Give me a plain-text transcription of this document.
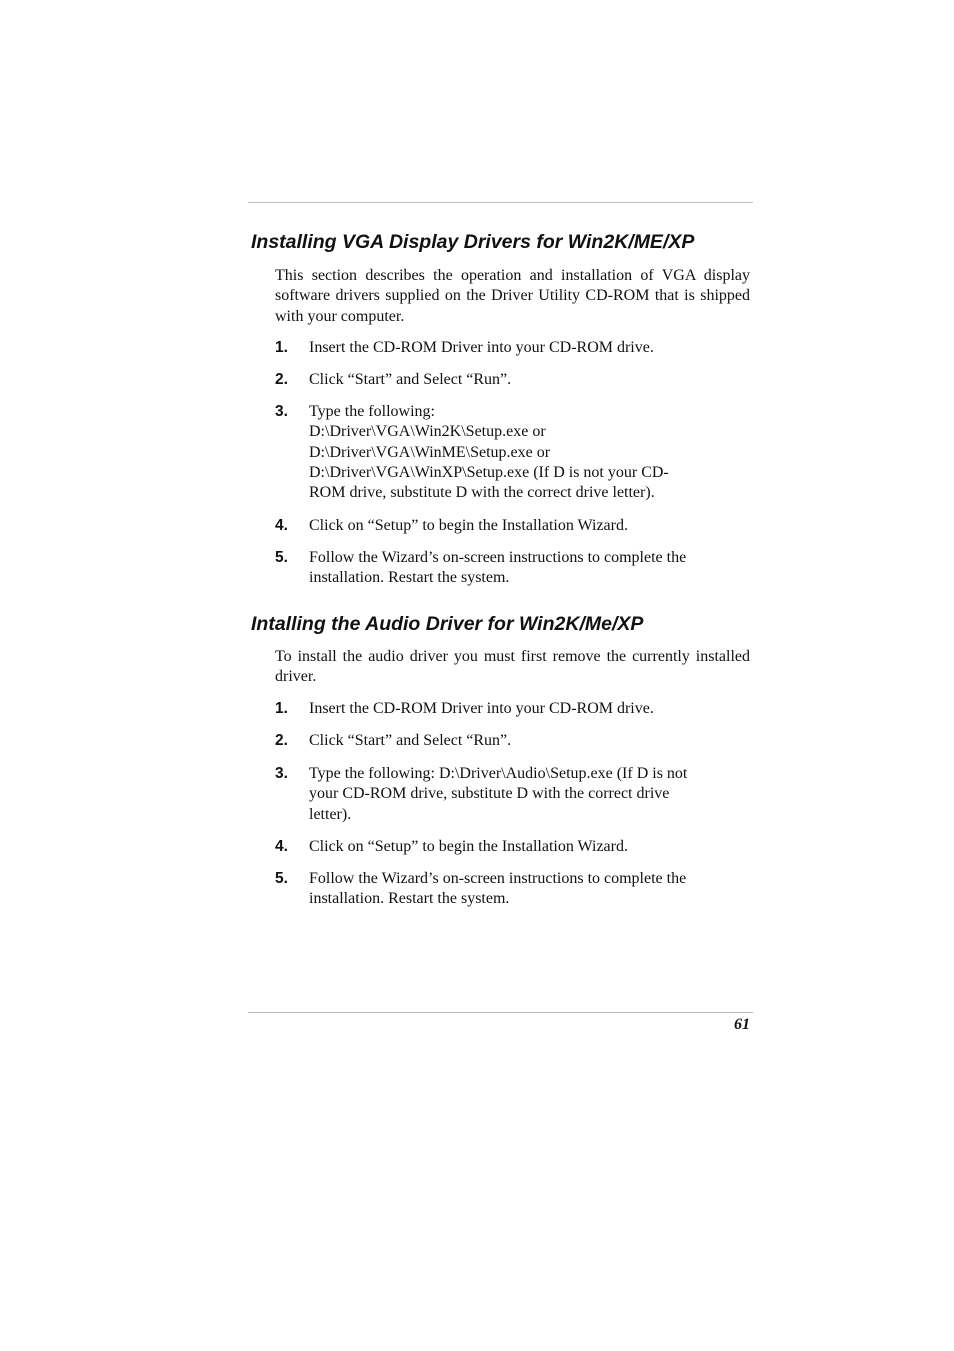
Installing VGA Display Drivers for Win2K/ME/XP

This section describes the operation and installation of VGA display software drivers supplied on the Driver Utility CD-ROM that is shipped with your computer.

1. Insert the CD-ROM Driver into your CD-ROM drive.

2. Click “Start” and Select “Run”.

3. Type the following:
D:\Driver\VGA\Win2K\Setup.exe or
D:\Driver\VGA\WinME\Setup.exe or
D:\Driver\VGA\WinXP\Setup.exe (If D is not your CD-
ROM drive, substitute D with the correct drive letter).

4. Click on “Setup” to begin the Installation Wizard.

5. Follow the Wizard’s on-screen instructions to complete the
installation. Restart the system.

Intalling the Audio Driver for Win2K/Me/XP

To install the audio driver you must first remove the currently installed driver.

1. Insert the CD-ROM Driver into your CD-ROM drive.

2. Click “Start” and Select “Run”.

3. Type the following: D:\Driver\Audio\Setup.exe (If D is not
your CD-ROM drive, substitute D with the correct drive
letter).

4. Click on “Setup” to begin the Installation Wizard.

5. Follow the Wizard’s on-screen instructions to complete the
installation. Restart the system.

61
